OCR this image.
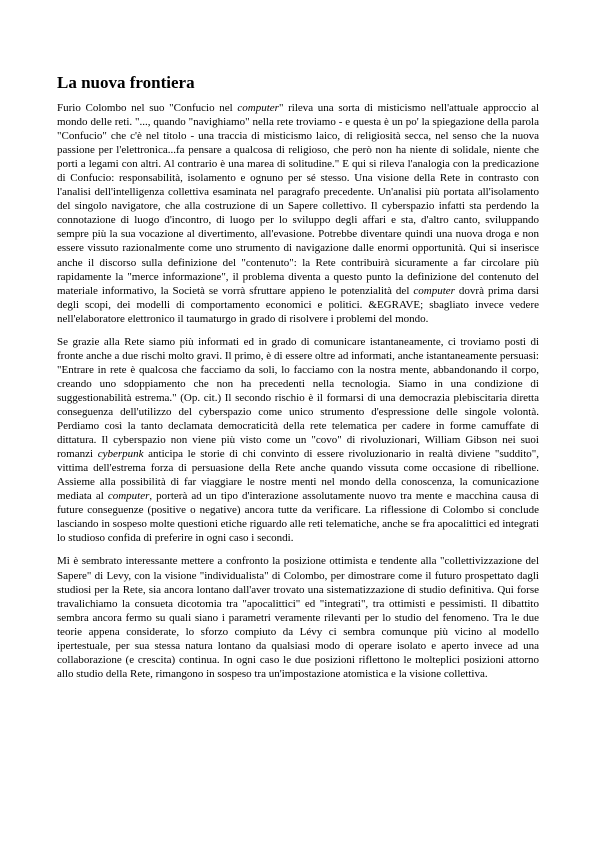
La nuova frontiera

Furio Colombo nel suo "Confucio nel computer" rileva una sorta di misticismo nell'attuale approccio al mondo delle reti. "..., quando "navighiamo" nella rete troviamo - e questa è un po' la spiegazione della parola "Confucio" che c'è nel titolo - una traccia di misticismo laico, di religiosità secca, nel senso che la nuova passione per l'elettronica...fa pensare a qualcosa di religioso, che però non ha niente di solidale, niente che porti a legami con altri. Al contrario è una marea di solitudine." E qui si rileva l'analogia con la predicazione di Confucio: responsabilità, isolamento e ognuno per sé stesso. Una visione della Rete in contrasto con l'analisi dell'intelligenza collettiva esaminata nel paragrafo precedente. Un'analisi più portata all'isolamento del singolo navigatore, che alla costruzione di un Sapere collettivo. Il cyberspazio infatti sta perdendo la connotazione di luogo d'incontro, di luogo per lo sviluppo degli affari e sta, d'altro canto, sviluppando sempre più la sua vocazione al divertimento, all'evasione. Potrebbe diventare quindi una nuova droga e non essere vissuto razionalmente come uno strumento di navigazione dalle enormi opportunità. Qui si inserisce anche il discorso sulla definizione del "contenuto": la Rete contribuirà sicuramente a far circolare più rapidamente la "merce informazione", il problema diventa a questo punto la definizione del contenuto del materiale informativo, la Società se vorrà sfruttare appieno le potenzialità del computer dovrà prima darsi degli scopi, dei modelli di comportamento economici e politici. &EGRAVE; sbagliato invece vedere nell'elaboratore elettronico il taumaturgo in grado di risolvere i problemi del mondo.

Se grazie alla Rete siamo più informati ed in grado di comunicare istantaneamente, ci troviamo posti di fronte anche a due rischi molto gravi. Il primo, è di essere oltre ad informati, anche istantaneamente persuasi: "Entrare in rete è qualcosa che facciamo da soli, lo facciamo con la nostra mente, abbandonando il corpo, creando uno sdoppiamento che non ha precedenti nella tecnologia. Siamo in una condizione di suggestionabilità estrema." (Op. cit.) Il secondo rischio è il formarsi di una democrazia plebiscitaria diretta conseguenza dell'utilizzo del cyberspazio come unico strumento d'espressione delle singole volontà. Perdiamo così la tanto declamata democraticità della rete telematica per cadere in forme camuffate di dittatura. Il cyberspazio non viene più visto come un "covo" di rivoluzionari, William Gibson nei suoi romanzi cyberpunk anticipa le storie di chi convinto di essere rivoluzionario in realtà diviene "suddito", vittima dell'estrema forza di persuasione della Rete anche quando vissuta come occasione di ribellione. Assieme alla possibilità di far viaggiare le nostre menti nel mondo della conoscenza, la comunicazione mediata al computer, porterà ad un tipo d'interazione assolutamente nuovo tra mente e macchina causa di future conseguenze (positive o negative) ancora tutte da verificare. La riflessione di Colombo si conclude lasciando in sospeso molte questioni etiche riguardo alle reti telematiche, anche se fra apocalittici ed integrati lo studioso confida di preferire in ogni caso i secondi.

Mi è sembrato interessante mettere a confronto la posizione ottimista e tendente alla "collettivizzazione del Sapere" di Levy, con la visione "individualista" di Colombo, per dimostrare come il futuro prospettato dagli studiosi per la Rete, sia ancora lontano dall'aver trovato una sistematizzazione di studio definitiva. Qui forse travalichiamo la consueta dicotomia tra "apocalittici" ed "integrati", tra ottimisti e pessimisti. Il dibattito sembra ancora fermo su quali siano i parametri veramente rilevanti per lo studio del fenomeno. Tra le due teorie appena considerate, lo sforzo compiuto da Lévy ci sembra comunque più vicino al modello ipertestuale, per sua stessa natura lontano da qualsiasi modo di operare isolato e aperto invece ad una collaborazione (e crescita) continua. In ogni caso le due posizioni riflettono le molteplici posizioni attorno allo studio della Rete, rimangono in sospeso tra un'impostazione atomistica e la visione collettiva.
